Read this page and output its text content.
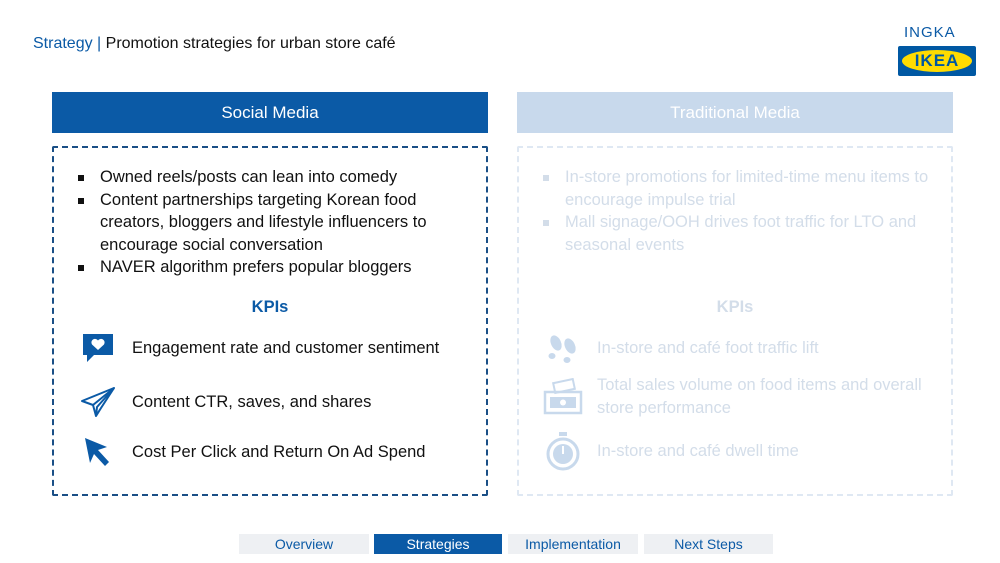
Strategy | Promotion strategies for urban store café
INGKA
IKEA
Social Media	Traditional Media
Owned reels/posts can lean into comedy
Content partnerships targeting Korean food creators, bloggers and lifestyle influencers to encourage social conversation
NAVER algorithm prefers popular bloggers
KPIs
Engagement rate and customer sentiment
Content CTR, saves, and shares
Cost Per Click and Return On Ad Spend
In-store promotions for limited-time menu items to encourage impulse trial
Mall signage/OOH drives foot traffic for LTO and seasonal events
KPIs
In-store and café foot traffic lift
Total sales volume on food items and overall store performance
In-store and café dwell time
Overview	Strategies	Implementation	Next Steps
